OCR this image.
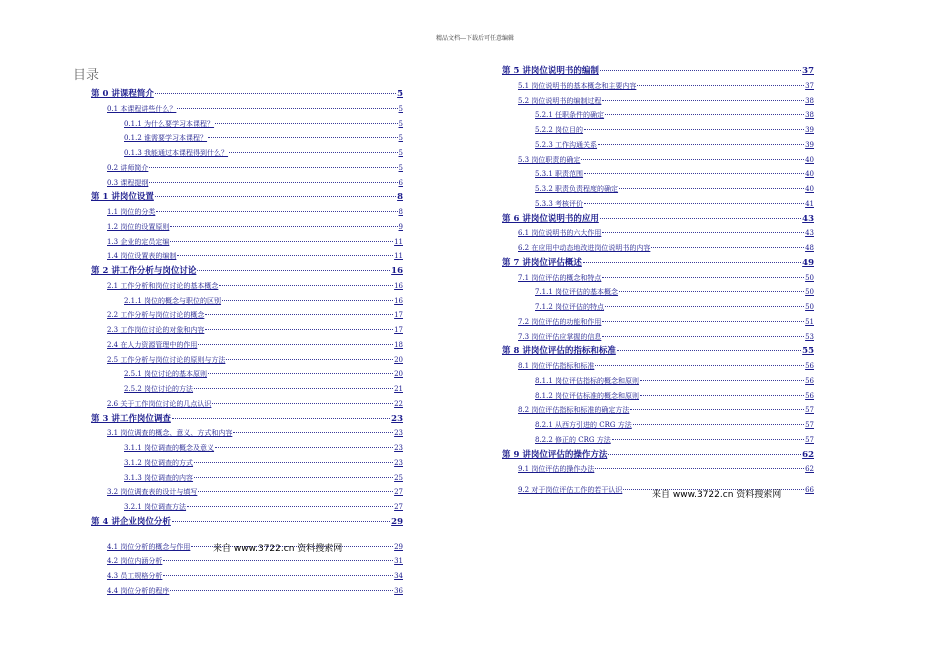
精品文档---下载后可任意编辑
目录
第 0 讲课程简介	5
0.1 本课程讲些什么？	5
0.1.1 为什么要学习本课程？	5
0.1.2 谁需要学习本课程？	5
0.1.3 我能通过本课程得到什么？	5
0.2 讲师简介	5
0.3 课程提纲	6
第 1 讲岗位设置	8
1.1 岗位的分类	8
1.2 岗位的设置原则	9
1.3 企业的定员定编	11
1.4 岗位设置表的编制	11
第 2 讲工作分析与岗位讨论	16
2.1 工作分析和岗位讨论的基本概念	16
2.1.1 岗位的概念与职位的区别	16
2.2 工作分析与岗位讨论的概念	17
2.3 工作岗位讨论的对象和内容	17
2.4 在人力资源管理中的作用	18
2.5 工作分析与岗位讨论的原则与方法	20
2.5.1 岗位讨论的基本原则	20
2.5.2 岗位讨论的方法	21
2.6 关于工作岗位讨论的几点认识	22
第 3 讲工作岗位调查	23
3.1 岗位调查的概念、意义、方式和内容	23
3.1.1 岗位调查的概念及意义	23
3.1.2 岗位调查的方式	23
3.1.3 岗位调查的内容	25
3.2 岗位调查表的设计与填写	27
3.2.1 岗位调查方法	27
第 4 讲企业岗位分析	29
4.1 岗位分析的概念与作用	29
4.2 岗位内涵分析	31
4.3 员工规格分析	34
4.4 岗位分析的程序	36
第 5 讲岗位说明书的编制	37
5.1 岗位说明书的基本概念和主要内容	37
5.2 岗位说明书的编制过程	38
5.2.1 任职条件的确定	38
5.2.2 岗位目的	39
5.2.3 工作沟通关系	39
5.3 岗位职责的确定	40
5.3.1 职责范围	40
5.3.2 职责负责程度的确定	40
5.3.3 考核评价	41
第 6 讲岗位说明书的应用	43
6.1 岗位说明书的六大作用	43
6.2 在应用中动态地改进岗位说明书的内容	48
第 7 讲岗位评估概述	49
7.1 岗位评估的概念和特点	50
7.1.1 岗位评估的基本概念	50
7.1.2 岗位评估的特点	50
7.2 岗位评估的功能和作用	51
7.3 岗位评估应掌握的信息	53
第 8 讲岗位评估的指标和标准	55
8.1 岗位评估指标和标准	56
8.1.1 岗位评估指标的概念和原则	56
8.1.2 岗位评估标准的概念和原则	56
8.2 岗位评估指标和标准的确定方法	57
8.2.1 从西方引进的 CRG 方法	57
8.2.2 修正的 CRG 方法	57
第 9 讲岗位评估的操作方法	62
9.1 岗位评估的操作办法	62
9.2 对于岗位评估工作的若干认识	66
来自 www.3722.cn 资料搜索网
来自 www.3722.cn 资料搜索网
